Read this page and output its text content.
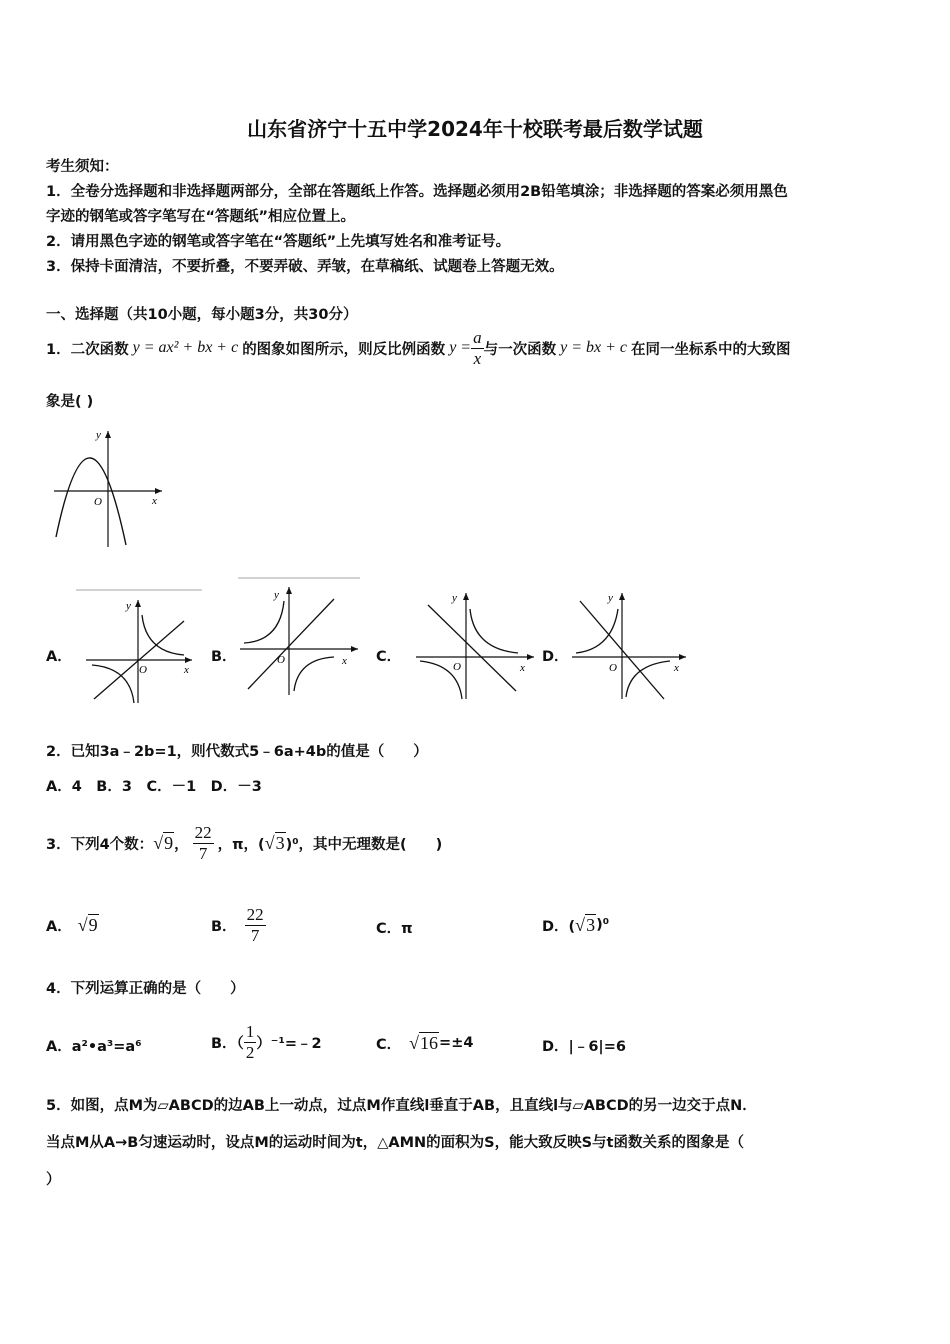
山东省济宁十五中学2024年十校联考最后数学试题
考生须知：
1．全卷分选择题和非选择题两部分，全部在答题纸上作答。选择题必须用2B铅笔填涂；非选择题的答案必须用黑色
字迹的钢笔或答字笔写在“答题纸”相应位置上。
2．请用黑色字迹的钢笔或答字笔在“答题纸”上先填写姓名和准考证号。
3．保持卡面清洁，不要折叠，不要弄破、弄皱，在草稿纸、试题卷上答题无效。
一、选择题（共10小题，每小题3分，共30分）
1．二次函数 y = ax² + bx + c 的图象如图所示，则反比例函数 $y = \frac{a}{x}$ 与一次函数 y = bx + c 在同一坐标系中的大致图
象是( )
x
y
O
A．
x
y
O
B．	x
y
O	C．
x
y
O
D．
x
y
O
2．已知3a﹣2b=1，则代数式5﹣6a+4b的值是（　　）
A．4　B．3　C．－1　D．－3
3．下列4个数： √9 ， $\frac{22}{7}$ ，π，( √3 )⁰，其中无理数是(　　)
A． √9	B． $\frac{22}{7}$	C．π	D．( √3 )⁰
4．下列运算正确的是（　　）
A．a²•a³=a⁶	B．（ $\frac{1}{2}$ ）⁻¹=﹣2	C． √16 =±4	D．|﹣6|=6
5．如图，点M为▱ABCD的边AB上一动点，过点M作直线l垂直于AB，且直线l与▱ABCD的另一边交于点N．
当点M从A→B匀速运动时，设点M的运动时间为t，△AMN的面积为S，能大致反映S与t函数关系的图象是（
）
